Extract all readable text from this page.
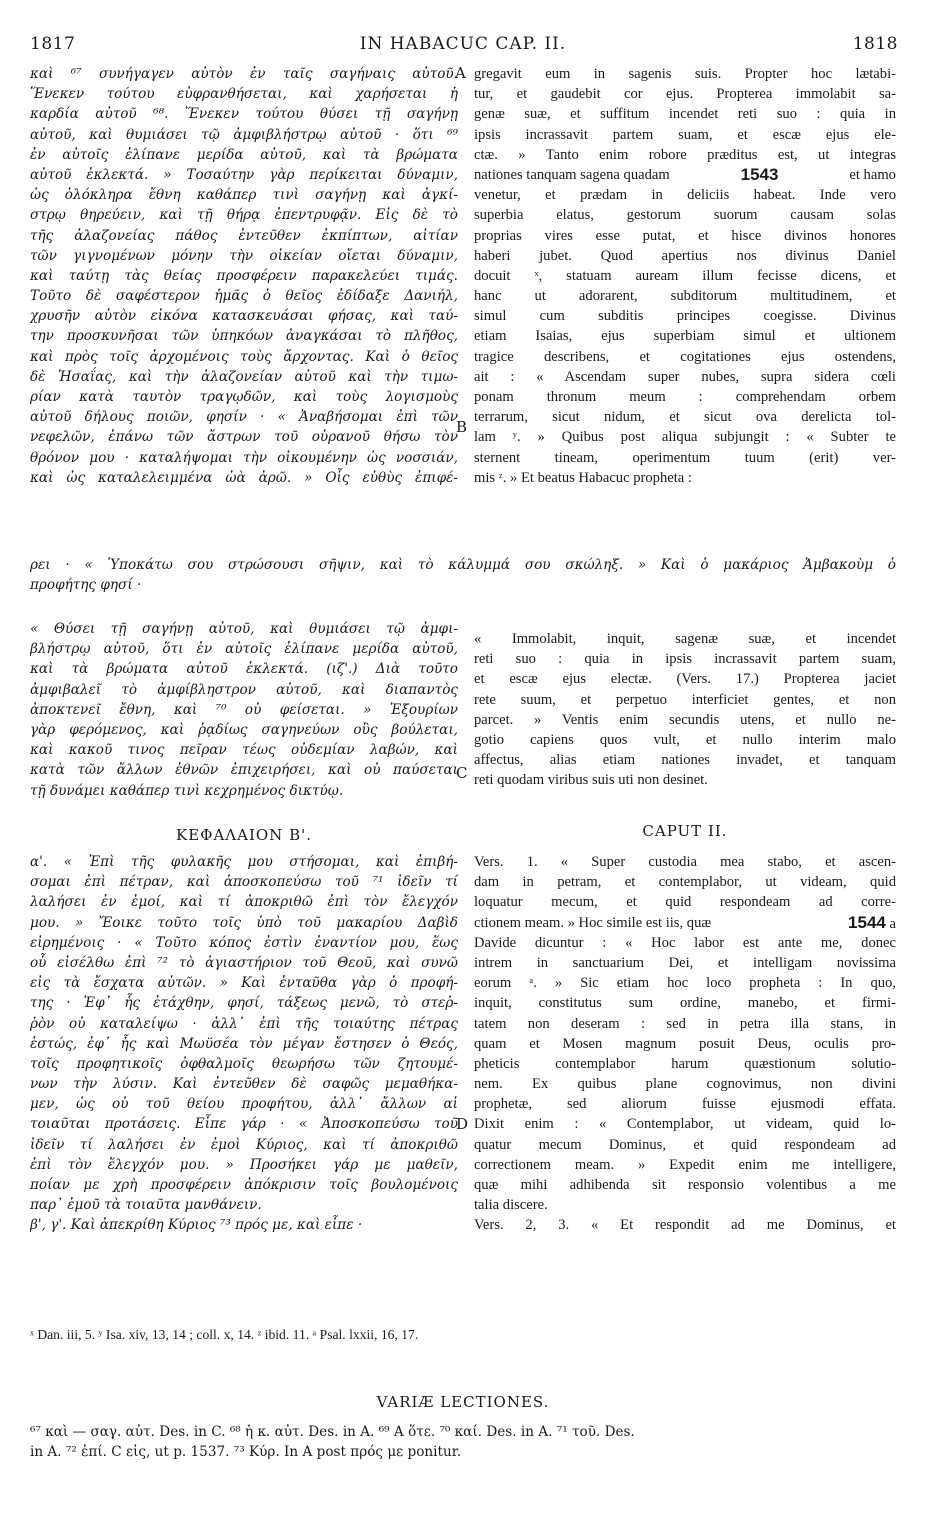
1817	IN HABACUC CAP. II.	1818
καὶ ⁶⁷ συνήγαγεν αὐτὸν ἐν ταῖς σαγήναις αὐτοῦ.
Ἕνεκεν τούτου εὐφρανθήσεται, καὶ χαρήσεται ἡ
καρδία αὐτοῦ ⁶⁸. Ἕνεκεν τούτου θύσει τῇ σαγήνῃ
αὐτοῦ, καὶ θυμιάσει τῷ ἀμφιβλήστρῳ αὐτοῦ · ὅτι ⁶⁹
ἐν αὐτοῖς ἐλίπανε μερίδα αὐτοῦ, καὶ τὰ βρώματα
αὐτοῦ ἐκλεκτά. » Τοσαύτην γὰρ περίκειται δύναμιν,
ὡς ὁλόκληρα ἔθνη καθάπερ τινὶ σαγήνῃ καὶ ἀγκί-
στρῳ θηρεύειν, καὶ τῇ θήρᾳ ἐπεντρυφᾷν. Εἰς δὲ τὸ
τῆς ἀλαζονείας πάθος ἐντεῦθεν ἐκπίπτων, αἰτίαν
τῶν γιγνομένων μόνην τὴν οἰκείαν οἴεται δύναμιν,
καὶ ταύτῃ τὰς θείας προσφέρειν παρακελεύει τιμάς.
Τοῦτο δὲ σαφέστερον ἡμᾶς ὁ θεῖος ἐδίδαξε Δανιήλ,
χρυσῆν αὐτὸν εἰκόνα κατασκευάσαι φήσας, καὶ ταύ-
την προσκυνῆσαι τῶν ὑπηκόων ἀναγκάσαι τὸ πλῆθος,
καὶ πρὸς τοῖς ἀρχομένοις τοὺς ἄρχοντας. Καὶ ὁ θεῖος
δὲ Ἡσαΐας, καὶ τὴν ἀλαζονείαν αὐτοῦ καὶ τὴν τιμω-
ρίαν κατὰ ταυτὸν τραγῳδῶν, καὶ τοὺς λογισμοὺς
αὐτοῦ δήλους ποιῶν, φησίν · « Ἀναβήσομαι ἐπὶ τῶν
νεφελῶν, ἐπάνω τῶν ἄστρων τοῦ οὐρανοῦ θήσω τὸν
θρόνον μου · καταλήψομαι τὴν οἰκουμένην ὡς νοσσιάν,
καὶ ὡς καταλελειμμένα ὠὰ ἀρῶ. » Οἷς εὐθὺς ἐπιφέ-
A
B
gregavit eum in sagenis suis. Propter hoc lætabi-
tur, et gaudebit cor ejus. Propterea immolabit sa-
genæ suæ, et suffitum incendet reti suo : quia in
ipsis incrassavit partem suam, et escæ ejus ele-
ctæ. » Tanto enim robore præditus est, ut integras
nationes tanquam sagena quadam	1543	et hamo
venetur, et prædam in deliciis habeat. Inde vero
superbia elatus, gestorum suorum causam solas
proprias vires esse putat, et hisce divinos honores
haberi jubet. Quod apertius nos divinus Daniel
docuit ˣ, statuam auream illum fecisse dicens, et
hanc ut adorarent, subditorum multitudinem, et
simul cum subditis principes coegisse. Divinus
etiam Isaias, ejus superbiam simul et ultionem
tragice describens, et cogitationes ejus ostendens,
ait : « Ascendam super nubes, supra sidera cœli
ponam thronum meum : comprehendam orbem
terrarum, sicut nidum, et sicut ova derelicta tol-
lam ʸ. » Quibus post aliqua subjungit : « Subter te
sternent tineam, operimentum tuum (erit) ver-
mis ᶻ. » Et beatus Habacuc propheta :
ρει · « Ὑποκάτω σου στρώσουσι σῆψιν, καὶ τὸ κάλυμμά σου σκώληξ. » Καὶ ὁ μακάριος Ἀμβακοὺμ ὁ
προφήτης φησί ·
« Θύσει τῇ σαγήνῃ αὐτοῦ, καὶ θυμιάσει τῷ ἀμφι-
βλήστρῳ αὐτοῦ, ὅτι ἐν αὐτοῖς ἐλίπανε μερίδα αὐτοῦ,
καὶ τὰ βρώματα αὐτοῦ ἐκλεκτά. (ιζ'.) Διὰ τοῦτο
ἀμφιβαλεῖ τὸ ἀμφίβληστρον αὐτοῦ, καὶ διαπαντὸς
ἀποκτενεῖ ἔθνη, καὶ ⁷⁰ οὐ φείσεται. » Ἐξουρίων
γὰρ φερόμενος, καὶ ῥᾳδίως σαγηνεύων οὓς βούλεται,
καὶ κακοῦ τινος πεῖραν τέως οὐδεμίαν λαβών, καὶ
κατὰ τῶν ἄλλων ἐθνῶν ἐπιχειρήσει, καὶ οὐ παύσεται
τῇ δυνάμει καθάπερ τινὶ κεχρημένος δικτύῳ.
C
« Immolabit, inquit, sagenæ suæ, et incendet
reti suo : quia in ipsis incrassavit partem suam,
et escæ ejus electæ. (Vers. 17.) Propterea jaciet
rete suum, et perpetuo interficiet gentes, et non
parcet. » Ventis enim secundis utens, et nullo ne-
gotio capiens quos vult, et nullo interim malo
affectus, alias etiam nationes invadet, et tanquam
reti quodam viribus suis uti non desinet.
ΚΕΦΑΛΑΙΟΝ Β'.	CAPUT II.
α'. « Ἐπὶ τῆς φυλακῆς μου στήσομαι, καὶ ἐπιβή-
σομαι ἐπὶ πέτραν, καὶ ἀποσκοπεύσω τοῦ ⁷¹ ἰδεῖν τί
λαλήσει ἐν ἐμοί, καὶ τί ἀποκριθῶ ἐπὶ τὸν ἔλεγχόν
μου. » Ἔοικε τοῦτο τοῖς ὑπὸ τοῦ μακαρίου Δαβὶδ
εἰρημένοις · « Τοῦτο κόπος ἐστὶν ἐναντίον μου, ἕως
οὗ εἰσέλθω ἐπὶ ⁷² τὸ ἁγιαστήριον τοῦ Θεοῦ, καὶ συνῶ
εἰς τὰ ἔσχατα αὐτῶν. » Καὶ ἐνταῦθα γὰρ ὁ προφή-
της · Ἐφ᾽ ἧς ἐτάχθην, φησί, τάξεως μενῶ, τὸ στεῤ-
ῥὸν οὐ καταλείψω · ἀλλ᾽ ἐπὶ τῆς τοιαύτης πέτρας
ἑστώς, ἐφ᾽ ἧς καὶ Μωϋσέα τὸν μέγαν ἔστησεν ὁ Θεός,
τοῖς προφητικοῖς ὀφθαλμοῖς θεωρήσω τῶν ζητουμέ-
νων τὴν λύσιν. Καὶ ἐντεῦθεν δὲ σαφῶς μεμαθήκα-
μεν, ὡς οὐ τοῦ θείου προφήτου, ἀλλ᾽ ἄλλων αἱ
τοιαῦται προτάσεις. Εἶπε γάρ · « Ἀποσκοπεύσω τοῦ
ἰδεῖν τί λαλήσει ἐν ἐμοὶ Κύριος, καὶ τί ἀποκριθῶ
ἐπὶ τὸν ἔλεγχόν μου. » Προσήκει γάρ με μαθεῖν,
ποίαν με χρὴ προσφέρειν ἀπόκρισιν τοῖς βουλομένοις
παρ᾽ ἐμοῦ τὰ τοιαῦτα μανθάνειν.
β', γ'. Καὶ ἀπεκρίθη Κύριος ⁷³ πρός με, καὶ εἶπε ·
D
Vers. 1. « Super custodia mea stabo, et ascen-
dam in petram, et contemplabor, ut videam, quid
loquatur mecum, et quid respondeam ad corre-
ctionem meam. » Hoc simile est iis, quæ	1544 a
Davide dicuntur : « Hoc labor est ante me, donec
intrem in sanctuarium Dei, et intelligam novissima
eorum ᵃ. » Sic etiam hoc loco propheta : In quo,
inquit, constitutus sum ordine, manebo, et firmi-
tatem non deseram : sed in petra illa stans, in
quam et Mosen magnum posuit Deus, oculis pro-
pheticis contemplabor harum quæstionum solutio-
nem. Ex quibus plane cognovimus, non divini
prophetæ, sed aliorum fuisse ejusmodi effata.
Dixit enim : « Contemplabor, ut videam, quid lo-
quatur mecum Dominus, et quid respondeam ad
correctionem meam. » Expedit enim me intelligere,
quæ mihi adhibenda sit responsio volentibus a me
talia discere.
Vers. 2, 3. « Et respondit ad me Dominus, et
ˣ Dan. iii, 5. ʸ Isa. xiv, 13, 14 ; coll. x, 14. ᶻ ibid. 11. ᵃ Psal. lxxii, 16, 17.
VARIÆ LECTIONES.
⁶⁷ καὶ — σαγ. αὐτ. Des. in C. ⁶⁸ ἡ κ. αὐτ. Des. in A. ⁶⁹ A ὅτε. ⁷⁰ καί. Des. in A. ⁷¹ τοῦ. Des.
in A. ⁷² ἐπί. C εἰς, ut p. 1537. ⁷³ Κύρ. In A post πρός με ponitur.
